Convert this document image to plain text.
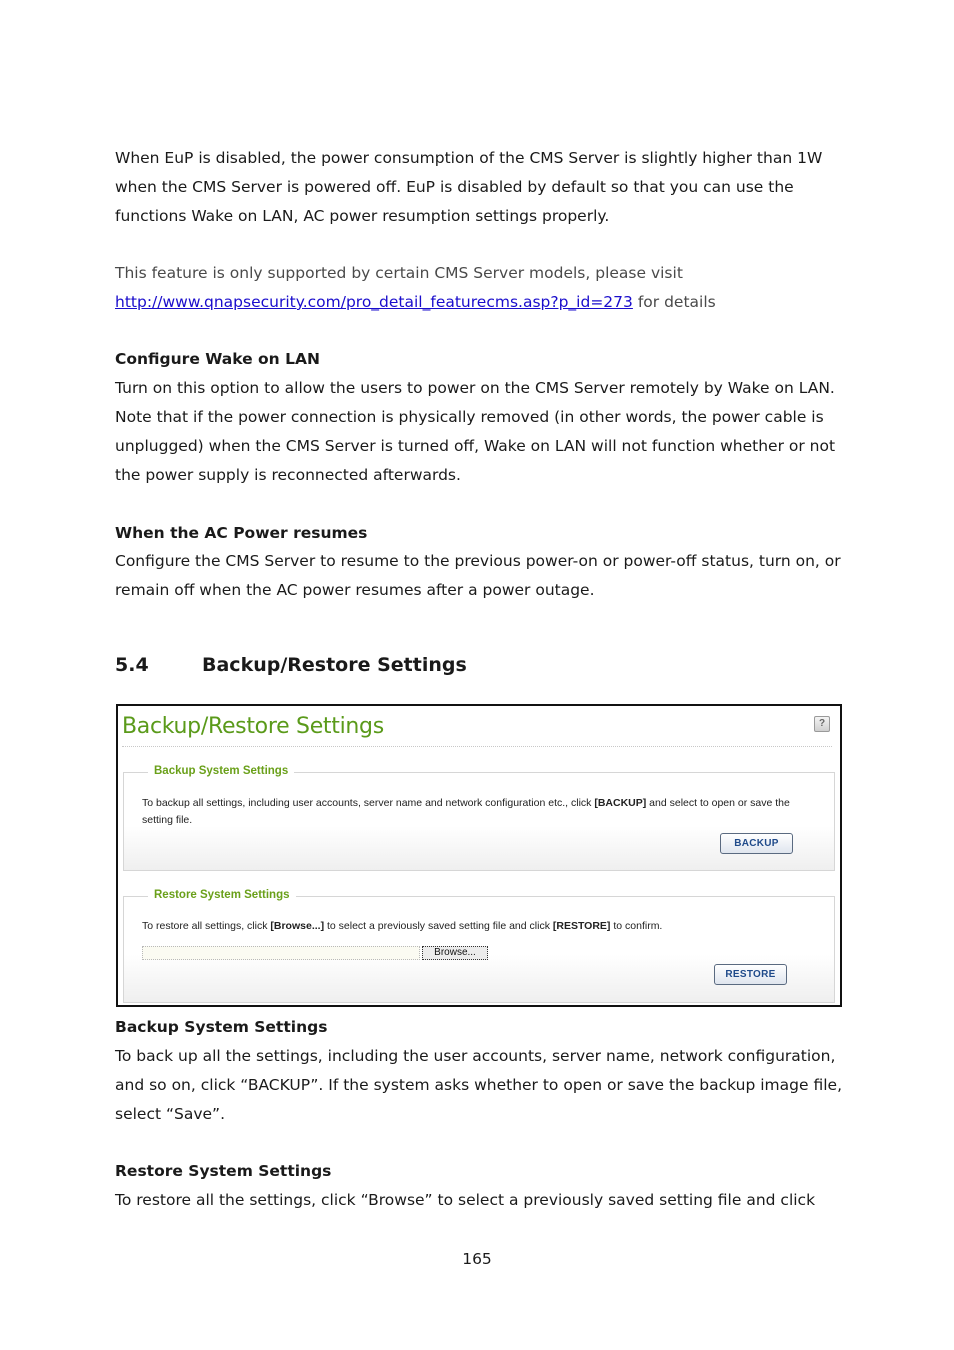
When EuP is disabled, the power consumption of the CMS Server is slightly higher than 1W when the CMS Server is powered off. EuP is disabled by default so that you can use the functions Wake on LAN, AC power resumption settings properly.

This feature is only supported by certain CMS Server models, please visit
http://www.qnapsecurity.com/pro_detail_featurecms.asp?p_id=273 for details

Configure Wake on LAN

Turn on this option to allow the users to power on the CMS Server remotely by Wake on LAN. Note that if the power connection is physically removed (in other words, the power cable is unplugged) when the CMS Server is turned off, Wake on LAN will not function whether or not the power supply is reconnected afterwards.

When the AC Power resumes

Configure the CMS Server to resume to the previous power-on or power-off status, turn on, or remain off when the AC power resumes after a power outage.

5.4	Backup/Restore Settings

Backup/Restore Settings	?
Backup System Settings
To backup all settings, including user accounts, server name and network configuration etc., click [BACKUP] and select to open or save the setting file.
BACKUP
Restore System Settings
To restore all settings, click [Browse...] to select a previously saved setting file and click [RESTORE] to confirm.
Browse...
RESTORE

Backup System Settings

To back up all the settings, including the user accounts, server name, network configuration, and so on, click “BACKUP”. If the system asks whether to open or save the backup image file, select “Save”.

Restore System Settings

To restore all the settings, click “Browse” to select a previously saved setting file and click

165
